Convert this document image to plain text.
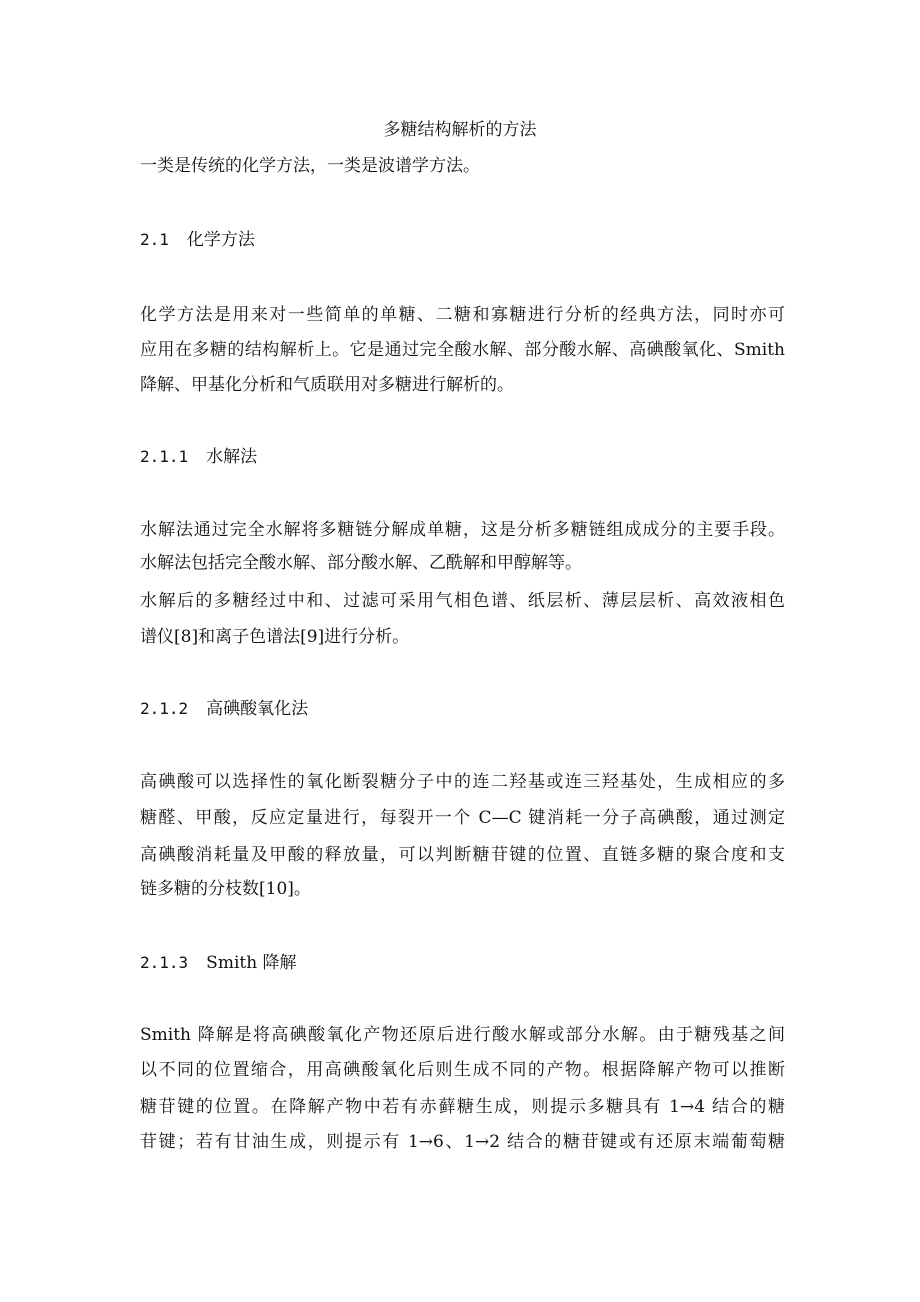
多糖结构解析的方法
一类是传统的化学方法，一类是波谱学方法。
2.1 化学方法
化学方法是用来对一些简单的单糖、二糖和寡糖进行分析的经典方法，同时亦可
应用在多糖的结构解析上。它是通过完全酸水解、部分酸水解、高碘酸氧化、Smith
降解、甲基化分析和气质联用对多糖进行解析的。
2.1.1 水解法
水解法通过完全水解将多糖链分解成单糖，这是分析多糖链组成成分的主要手段。
水解法包括完全酸水解、部分酸水解、乙酰解和甲醇解等。
水解后的多糖经过中和、过滤可采用气相色谱、纸层析、薄层层析、高效液相色
谱仪[8]和离子色谱法[9]进行分析。
2.1.2 高碘酸氧化法
高碘酸可以选择性的氧化断裂糖分子中的连二羟基或连三羟基处，生成相应的多
糖醛、甲酸，反应定量进行，每裂开一个 C—C 键消耗一分子高碘酸，通过测定
高碘酸消耗量及甲酸的释放量，可以判断糖苷键的位置、直链多糖的聚合度和支
链多糖的分枝数[10]。
2.1.3 Smith 降解
Smith 降解是将高碘酸氧化产物还原后进行酸水解或部分水解。由于糖残基之间
以不同的位置缩合，用高碘酸氧化后则生成不同的产物。根据降解产物可以推断
糖苷键的位置。在降解产物中若有赤藓糖生成，则提示多糖具有 1→4 结合的糖
苷键；若有甘油生成，则提示有 1→6、1→2 结合的糖苷键或有还原末端葡萄糖
